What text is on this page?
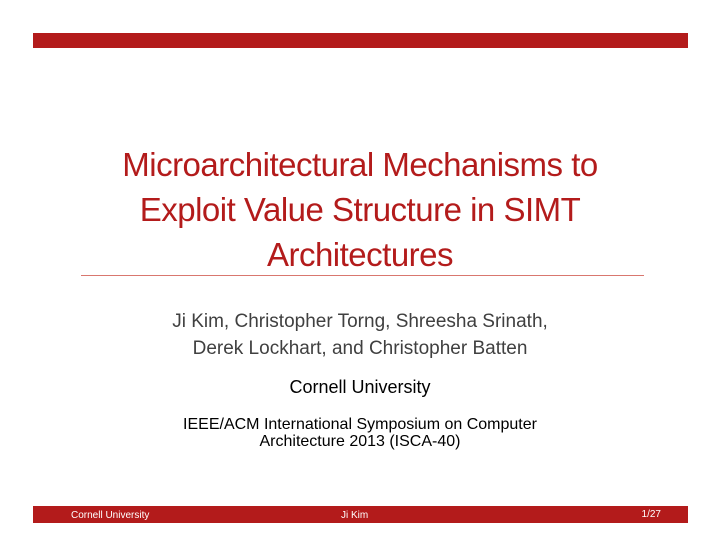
Microarchitectural Mechanisms to
Exploit Value Structure in SIMT
Architectures
Ji Kim, Christopher Torng, Shreesha Srinath,
Derek Lockhart, and Christopher Batten
Cornell University
IEEE/ACM International Symposium on Computer
Architecture 2013 (ISCA-40)
Cornell University	Ji Kim	1/27
